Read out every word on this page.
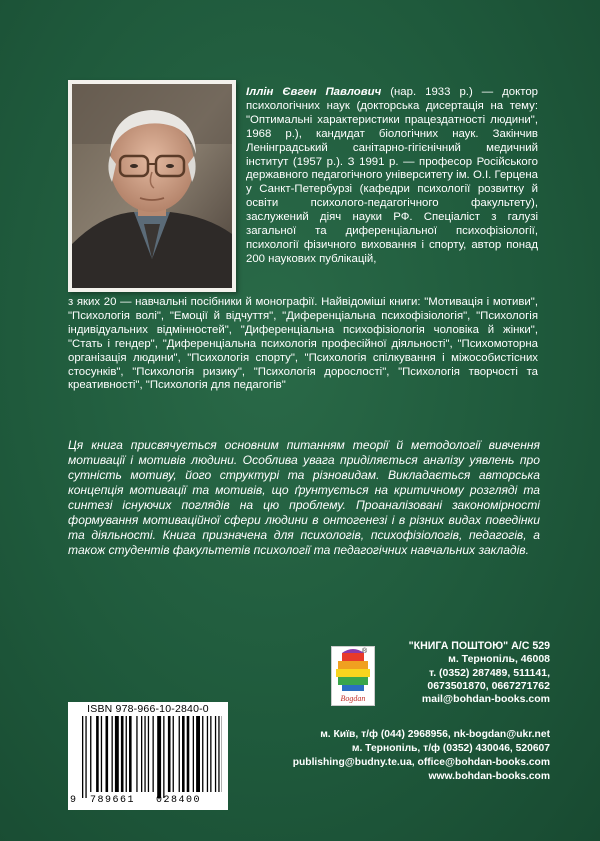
Іллін Євген Павлович (нар. 1933 р.) — доктор психологічних наук (докторська дисертація на тему: "Оптимальні характеристики працездатності людини", 1968 р.), кандидат біологічних наук. Закінчив Ленінградський санітарно-гігієнічний медичний інститут (1957 р.). З 1991 р. — професор Російського державного педагогічного університету ім. О.І. Герцена у Санкт-Петербурзі (кафедри психології розвитку й освіти психолого-педагогічного факультету), заслужений діяч науки РФ. Спеціаліст з галузі загальної та диференціальної психофізіології, психології фізичного виховання і спорту, автор понад 200 наукових публікацій,

з яких 20 — навчальні посібники й монографії. Найвідоміші книги: "Мотивація і мотиви", "Психологія волі", "Емоції й відчуття", "Диференціальна психофізіологія", "Психологія індивідуальних відмінностей", "Диференціальна психофізіологія чоловіка й жінки", "Стать і гендер", "Диференціальна психологія професійної діяльності", "Психомоторна організація людини", "Психологія спорту", "Психологія спілкування і міжособистісних стосунків", "Психологія ризику", "Психологія дорослості", "Психологія творчості та креативності", "Психологія для педагогів"

Ця книга присвячується основним питанням теорії й методології вивчення мотивації і мотивів людини. Особлива увага приділяється аналізу уявлень про сутність мотиву, його структурі та різновидам. Викладається авторська концепція мотивації та мотивів, що ґрунтується на критичному розгляді та синтезі існуючих поглядів на цю проблему. Проаналізовані закономірності формування мотиваційної сфери людини в онтогенезі і в різних видах поведінки та діяльності. Книга призначена для психологів, психофізіологів, педагогів, а також студентів факультетів психології та педагогічних навчальних закладів.

Bogdan
®	"КНИГА ПОШТОЮ" А/С 529
м. Тернопіль, 46008
т. (0352) 287489, 511141,
0673501870, 0667271762
mail@bohdan-books.com
м. Київ, т/ф (044) 2968956, nk-bogdan@ukr.net
м. Тернопіль, т/ф (0352) 430046, 520607
publishing@budny.te.ua, office@bohdan-books.com
www.bohdan-books.com
ISBN 978-966-10-2840-0
9 789661 028400
